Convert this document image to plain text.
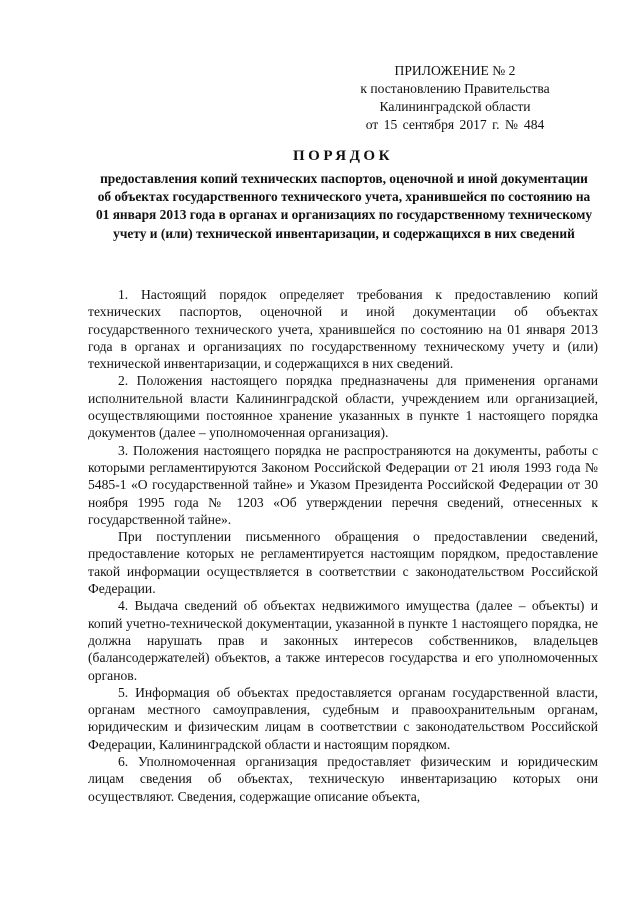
ПРИЛОЖЕНИЕ № 2
к постановлению Правительства
Калининградской области
от 15 сентября 2017 г. № 484
ПОРЯДОК
предоставления копий технических паспортов, оценочной и иной документации об объектах государственного технического учета, хранившейся по состоянию на 01 января 2013 года в органах и организациях по государственному техническому учету и (или) технической инвентаризации, и содержащихся в них сведений

1. Настоящий порядок определяет требования к предоставлению копий технических паспортов, оценочной и иной документации об объектах государственного технического учета, хранившейся по состоянию на 01 января 2013 года в органах и организациях по государственному техническому учету и (или) технической инвентаризации, и содержащихся в них сведений.

2. Положения настоящего порядка предназначены для применения органами исполнительной власти Калининградской области, учреждением или организацией, осуществляющими постоянное хранение указанных в пункте 1 настоящего порядка документов (далее – уполномоченная организация).

3. Положения настоящего порядка не распространяются на документы, работы с которыми регламентируются Законом Российской Федерации от 21 июля 1993 года № 5485-1 «О государственной тайне» и Указом Президента Российской Федерации от 30 ноября 1995 года № 1203 «Об утверждении перечня сведений, отнесенных к государственной тайне».

При поступлении письменного обращения о предоставлении сведений, предоставление которых не регламентируется настоящим порядком, предоставление такой информации осуществляется в соответствии с законодательством Российской Федерации.

4. Выдача сведений об объектах недвижимого имущества (далее – объекты) и копий учетно-технической документации, указанной в пункте 1 настоящего порядка, не должна нарушать прав и законных интересов собственников, владельцев (балансодержателей) объектов, а также интересов государства и его уполномоченных органов.

5. Информация об объектах предоставляется органам государственной власти, органам местного самоуправления, судебным и правоохранительным органам, юридическим и физическим лицам в соответствии с законодательством Российской Федерации, Калининградской области и настоящим порядком.

6. Уполномоченная организация предоставляет физическим и юридическим лицам сведения об объектах, техническую инвентаризацию которых они осуществляют. Сведения, содержащие описание объекта,
